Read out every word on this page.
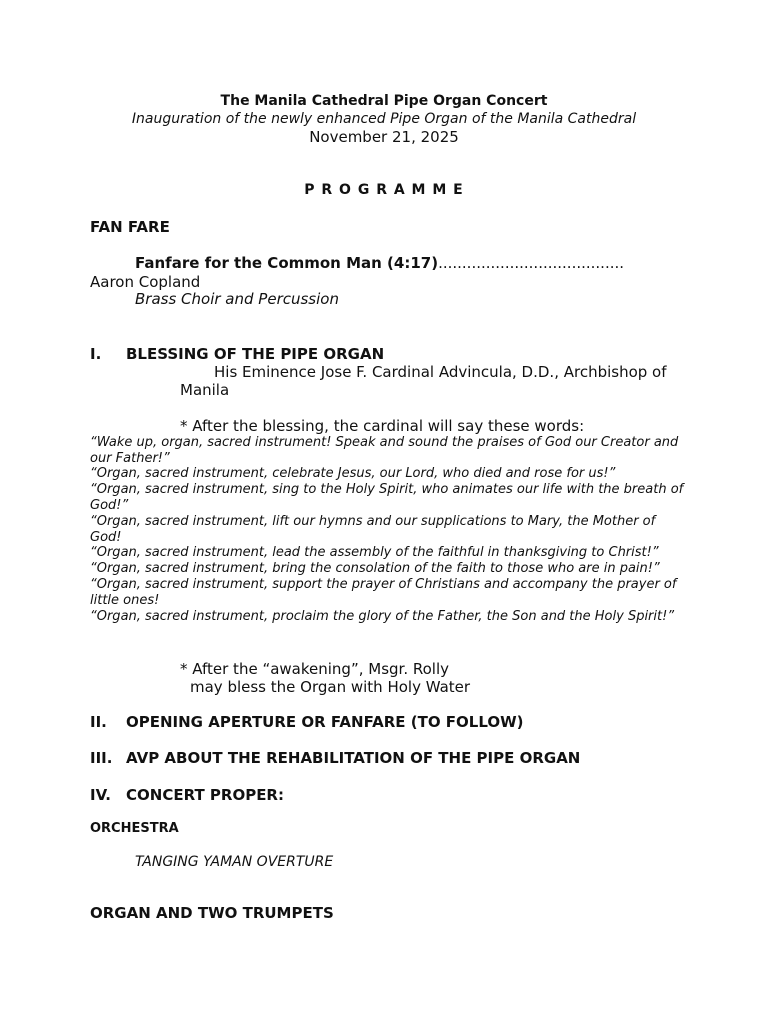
The Manila Cathedral Pipe Organ Concert
Inauguration of the newly enhanced Pipe Organ of the Manila Cathedral
November 21, 2025
P R O G R A M M E
FAN FARE
Fanfare for the Common Man (4:17).......................................
Aaron Copland
Brass Choir and Percussion
I. BLESSING OF THE PIPE ORGAN
His Eminence Jose F. Cardinal Advincula, D.D., Archbishop of
Manila
* After the blessing, the cardinal will say these words:
“Wake up, organ, sacred instrument! Speak and sound the praises of God our Creator and our Father!”
“Organ, sacred instrument, celebrate Jesus, our Lord, who died and rose for us!”
“Organ, sacred instrument, sing to the Holy Spirit, who animates our life with the breath of God!”
“Organ, sacred instrument, lift our hymns and our supplications to Mary, the Mother of God!
“Organ, sacred instrument, lead the assembly of the faithful in thanksgiving to Christ!”
“Organ, sacred instrument, bring the consolation of the faith to those who are in pain!”
“Organ, sacred instrument, support the prayer of Christians and accompany the prayer of little ones!
“Organ, sacred instrument, proclaim the glory of the Father, the Son and the Holy Spirit!”
* After the “awakening”, Msgr. Rolly
may bless the Organ with Holy Water
II. OPENING APERTURE OR FANFARE (TO FOLLOW)
III. AVP ABOUT THE REHABILITATION OF THE PIPE ORGAN
IV. CONCERT PROPER:
ORCHESTRA
TANGING YAMAN OVERTURE
ORGAN AND TWO TRUMPETS
